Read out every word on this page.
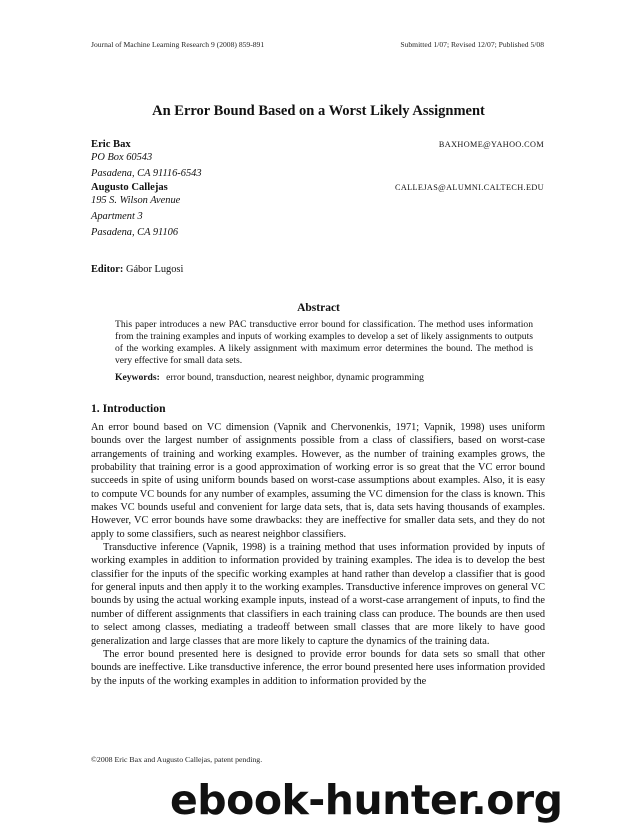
Journal of Machine Learning Research 9 (2008) 859-891	Submitted 1/07; Revised 12/07; Published 5/08
An Error Bound Based on a Worst Likely Assignment
Eric Bax	BAXHOME@YAHOO.COM
PO Box 60543
Pasadena, CA 91116-6543
Augusto Callejas	CALLEJAS@ALUMNI.CALTECH.EDU
195 S. Wilson Avenue
Apartment 3
Pasadena, CA 91106
Editor: Gábor Lugosi
Abstract
This paper introduces a new PAC transductive error bound for classification. The method uses information from the training examples and inputs of working examples to develop a set of likely assignments to outputs of the working examples. A likely assignment with maximum error determines the bound. The method is very effective for small data sets.
Keywords: error bound, transduction, nearest neighbor, dynamic programming
1. Introduction

An error bound based on VC dimension (Vapnik and Chervonenkis, 1971; Vapnik, 1998) uses uniform bounds over the largest number of assignments possible from a class of classifiers, based on worst-case arrangements of training and working examples. However, as the number of training examples grows, the probability that training error is a good approximation of working error is so great that the VC error bound succeeds in spite of using uniform bounds based on worst-case assumptions about examples. Also, it is easy to compute VC bounds for any number of examples, assuming the VC dimension for the class is known. This makes VC bounds useful and convenient for large data sets, that is, data sets having thousands of examples. However, VC error bounds have some drawbacks: they are ineffective for smaller data sets, and they do not apply to some classifiers, such as nearest neighbor classifiers.

Transductive inference (Vapnik, 1998) is a training method that uses information provided by inputs of working examples in addition to information provided by training examples. The idea is to develop the best classifier for the inputs of the specific working examples at hand rather than develop a classifier that is good for general inputs and then apply it to the working examples. Transductive inference improves on general VC bounds by using the actual working example inputs, instead of a worst-case arrangement of inputs, to find the number of different assignments that classifiers in each training class can produce. The bounds are then used to select among classes, mediating a tradeoff between small classes that are more likely to have good generalization and large classes that are more likely to capture the dynamics of the training data.

The error bound presented here is designed to provide error bounds for data sets so small that other bounds are ineffective. Like transductive inference, the error bound presented here uses information provided by the inputs of the working examples in addition to information provided by the

©2008 Eric Bax and Augusto Callejas, patent pending.
ebook-hunter.org
